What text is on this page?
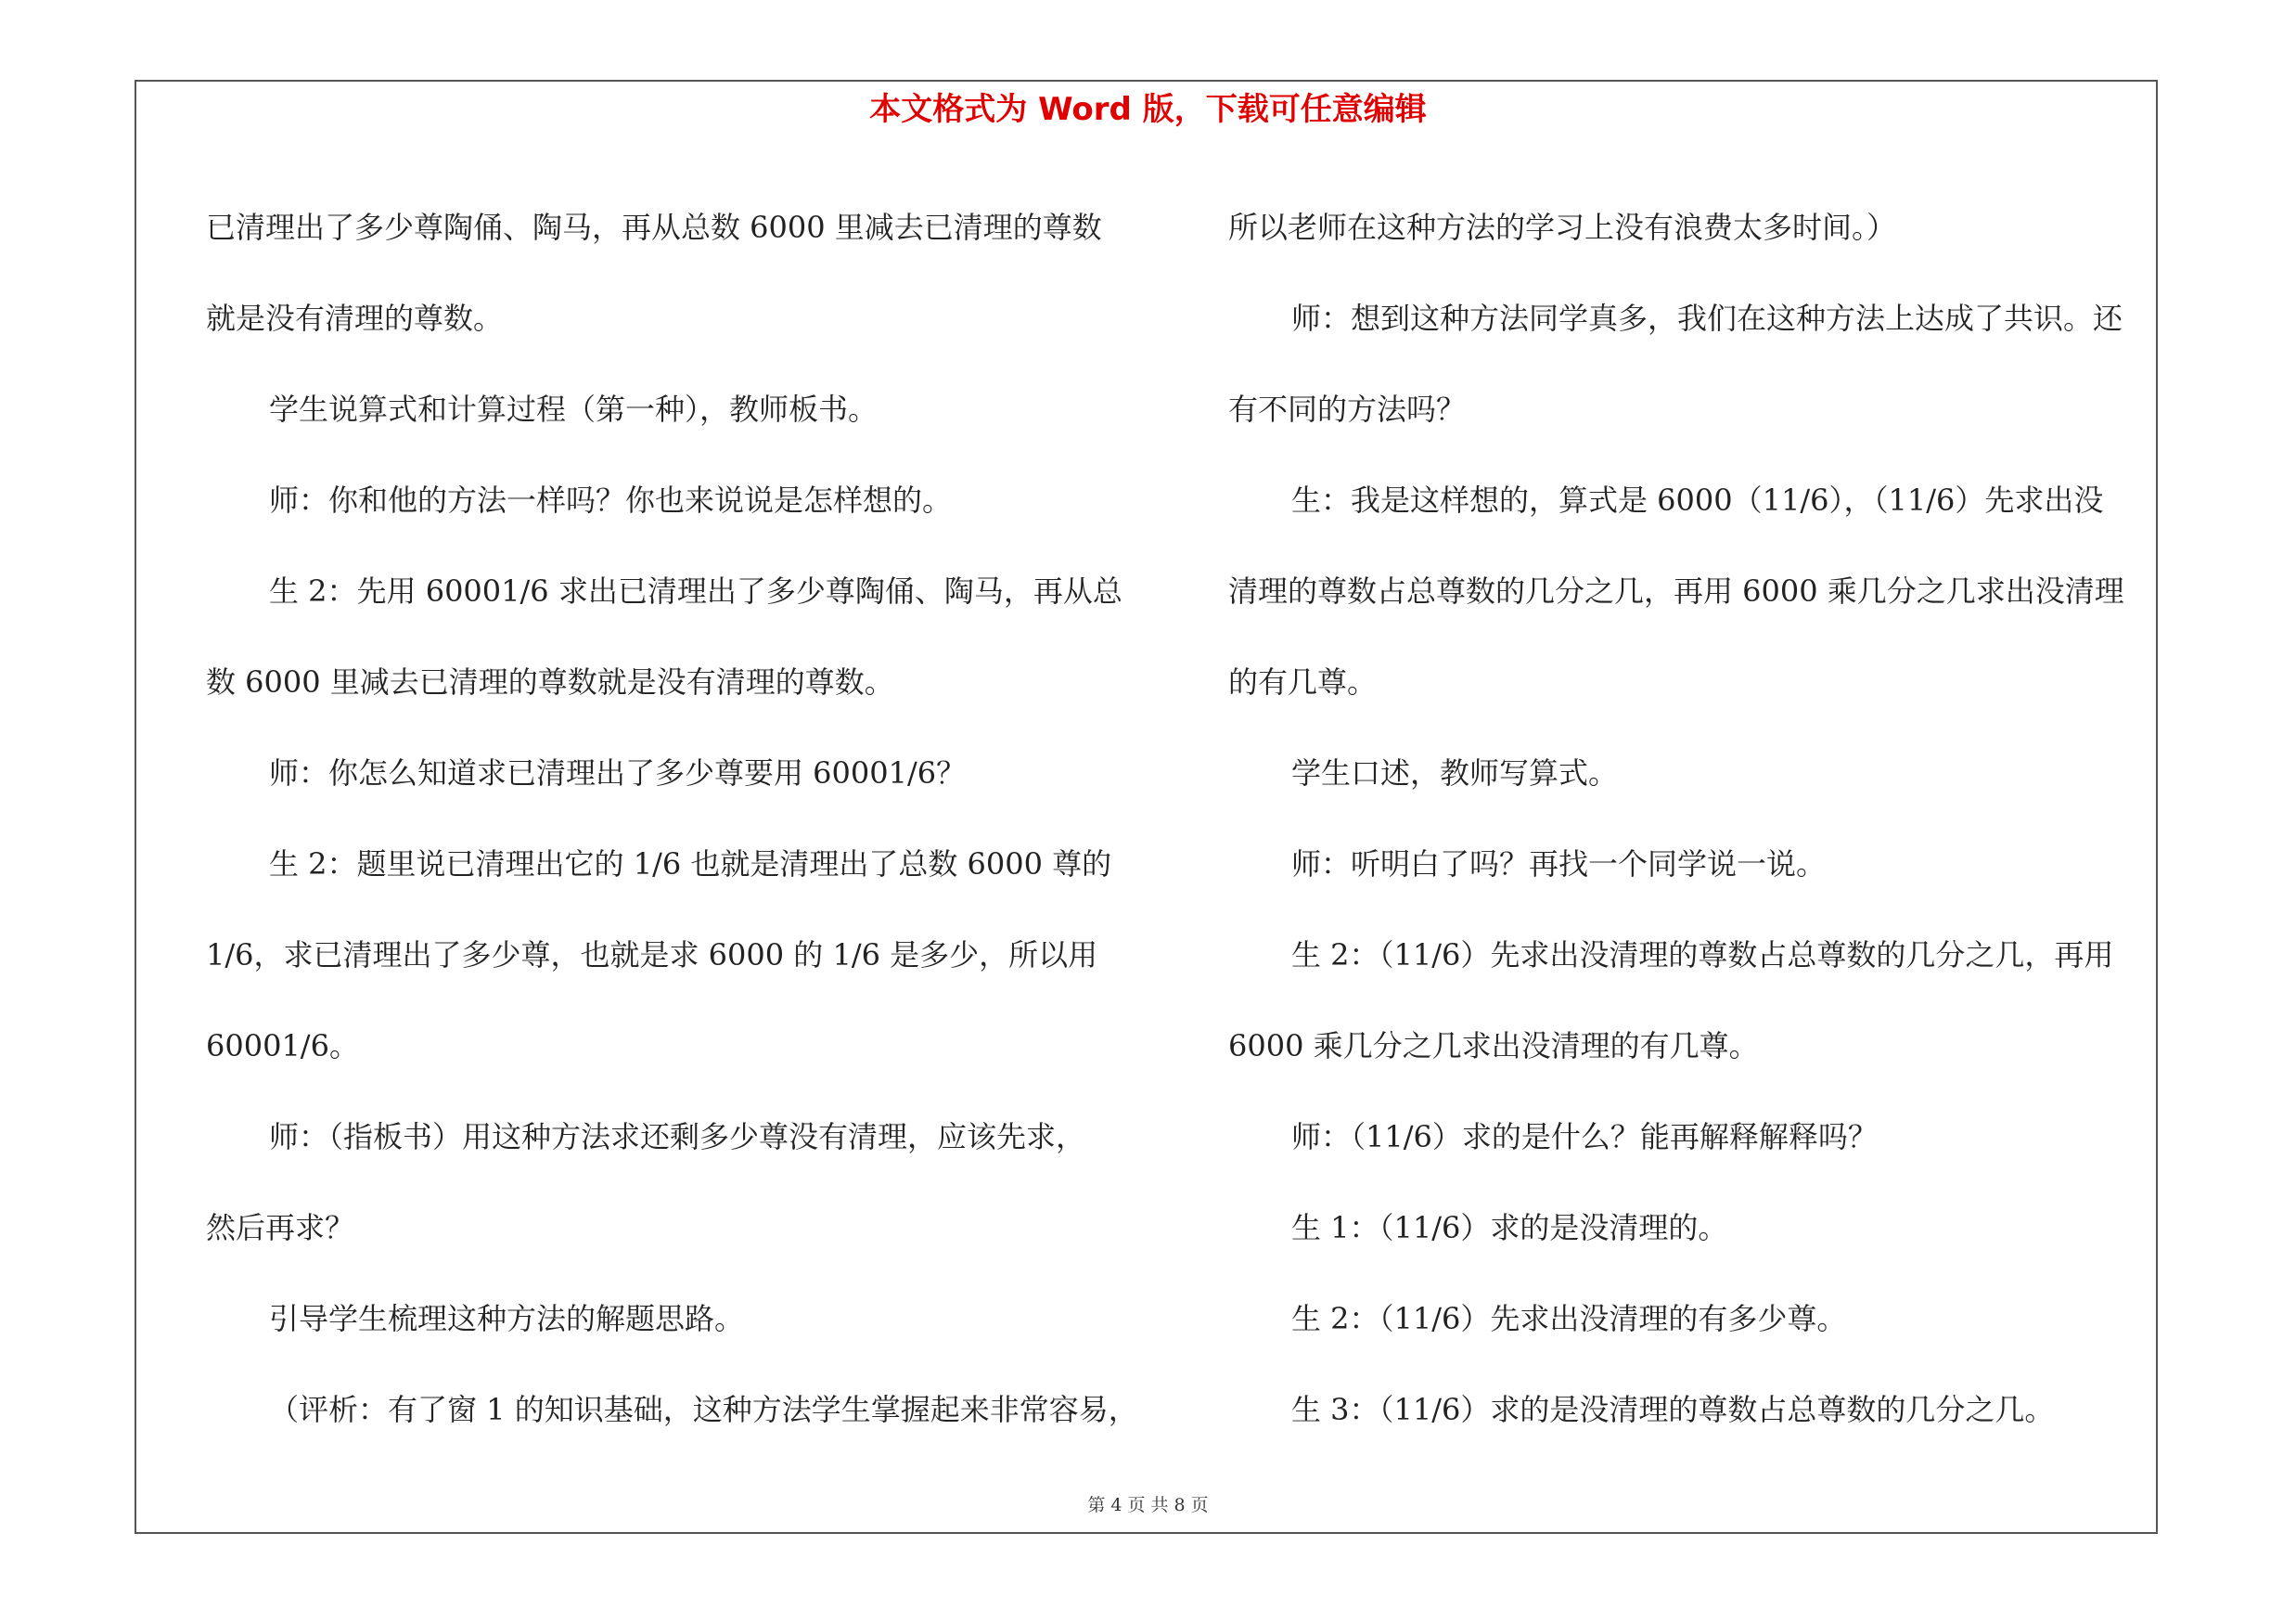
本文格式为 Word 版，下载可任意编辑
已清理出了多少尊陶俑、陶马，再从总数 6000 里减去已清理的尊数
就是没有清理的尊数。
学生说算式和计算过程（第一种），教师板书。
师：你和他的方法一样吗？你也来说说是怎样想的。
生 2：先用 60001/6 求出已清理出了多少尊陶俑、陶马，再从总
数 6000 里减去已清理的尊数就是没有清理的尊数。
师：你怎么知道求已清理出了多少尊要用 60001/6？
生 2：题里说已清理出它的 1/6 也就是清理出了总数 6000 尊的
1/6，求已清理出了多少尊，也就是求 6000 的 1/6 是多少，所以用
60001/6。
师：（指板书）用这种方法求还剩多少尊没有清理，应该先求，
然后再求？
引导学生梳理这种方法的解题思路。
（评析：有了窗 1 的知识基础，这种方法学生掌握起来非常容易，
所以老师在这种方法的学习上没有浪费太多时间。）
师：想到这种方法同学真多，我们在这种方法上达成了共识。还
有不同的方法吗？
生：我是这样想的，算式是 6000（11/6），（11/6）先求出没
清理的尊数占总尊数的几分之几，再用 6000 乘几分之几求出没清理
的有几尊。
学生口述，教师写算式。
师：听明白了吗？再找一个同学说一说。
生 2：（11/6）先求出没清理的尊数占总尊数的几分之几，再用
6000 乘几分之几求出没清理的有几尊。
师：（11/6）求的是什么？能再解释解释吗？
生 1：（11/6）求的是没清理的。
生 2：（11/6）先求出没清理的有多少尊。
生 3：（11/6）求的是没清理的尊数占总尊数的几分之几。
第 4 页 共 8 页
